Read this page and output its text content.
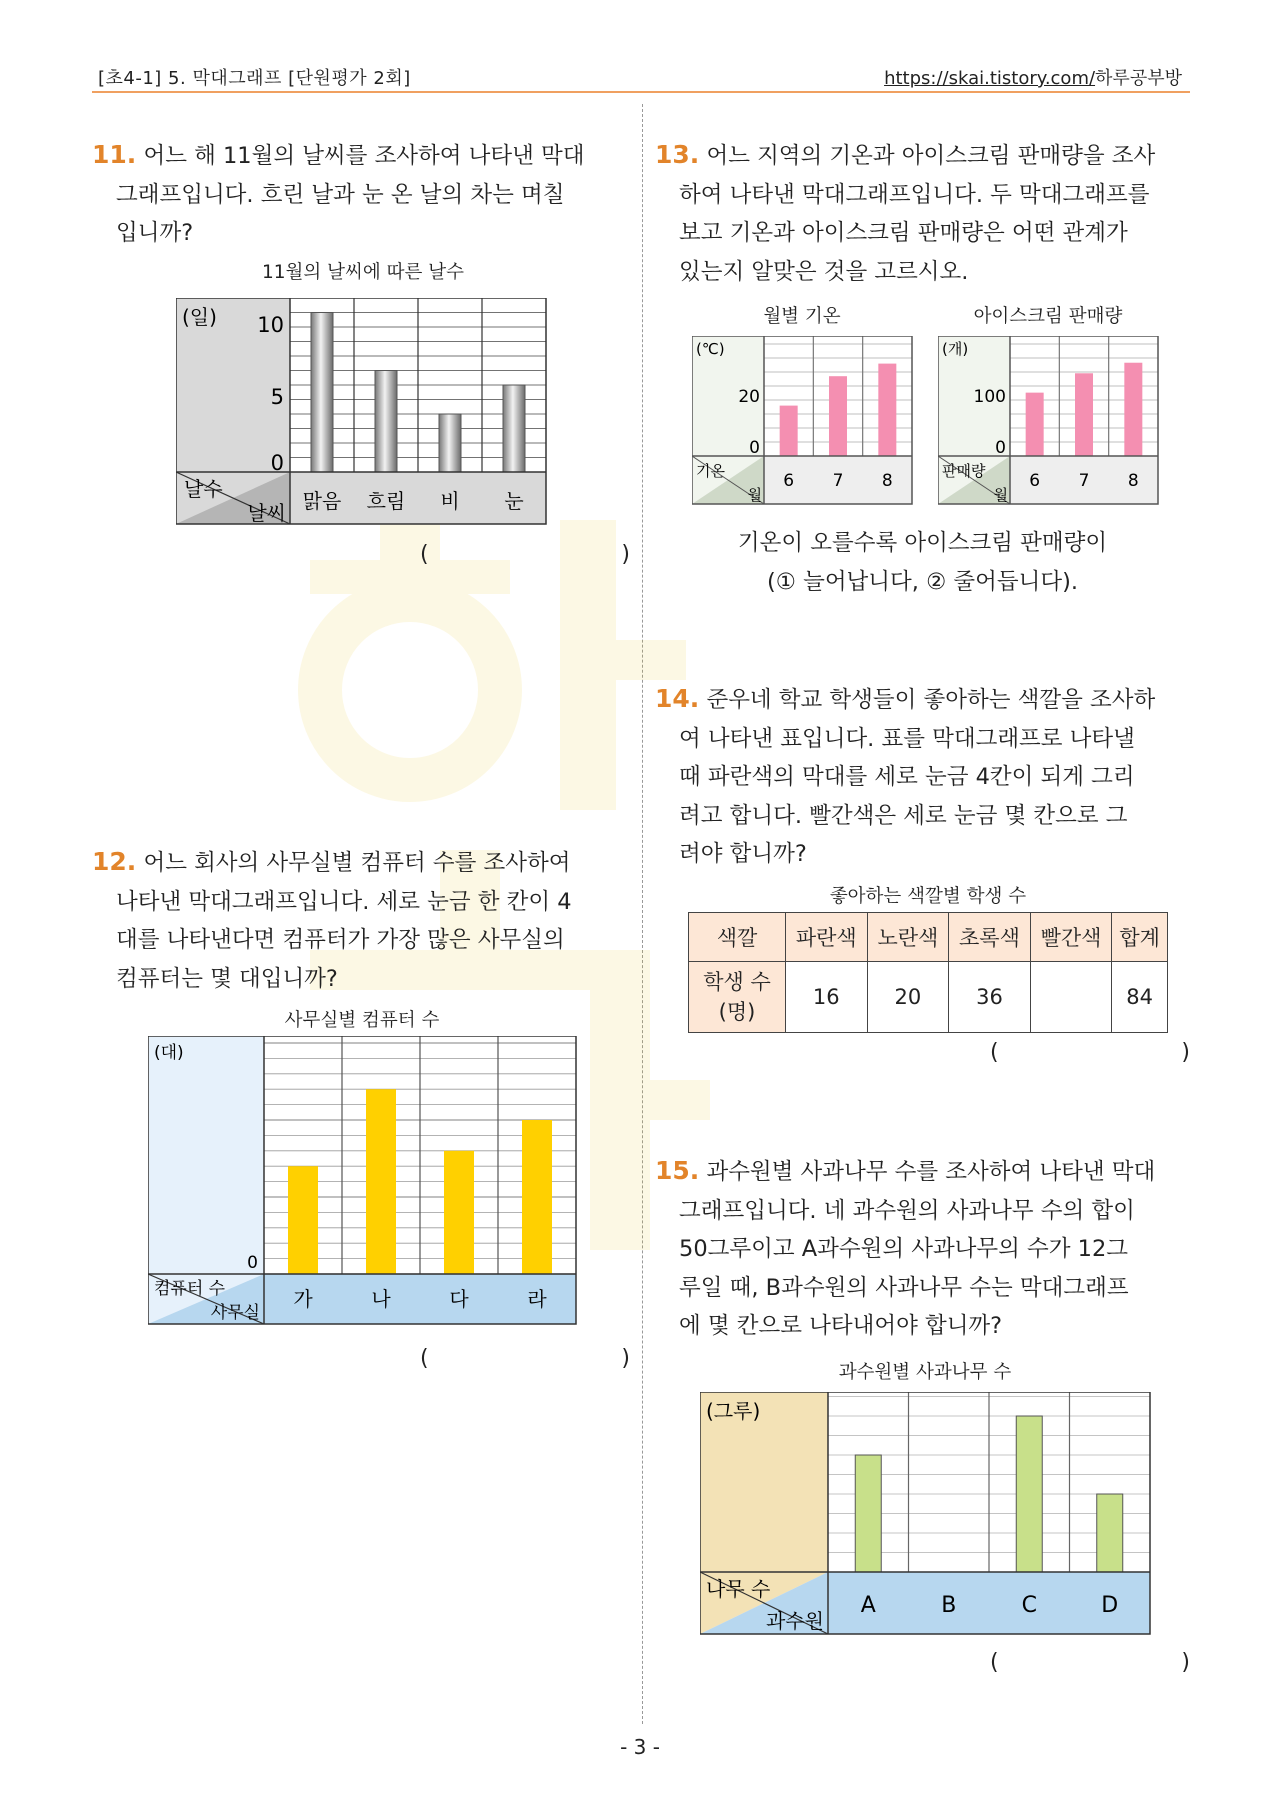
[초4-1] 5. 막대그래프 [단원평가 2회]	https://skai.tistory.com/하루공부방
11. 어느 해 11월의 날씨를 조사하여 나타낸 막대
그래프입니다. 흐린 날과 눈 온 날의 차는 며칠
입니까?
11월의 날씨에 따른 날수
(일) 10
5
0
날수
날씨 맑음 흐림 비 눈
(	)
12. 어느 회사의 사무실별 컴퓨터 수를 조사하여
나타낸 막대그래프입니다. 세로 눈금 한 칸이 4
대를 나타낸다면 컴퓨터가 가장 많은 사무실의
컴퓨터는 몇 대입니까?
사무실별 컴퓨터 수
(대)
0
컴퓨터 수
사무실
가	나	다	라
(	)
13. 어느 지역의 기온과 아이스크림 판매량을 조사
하여 나타낸 막대그래프입니다. 두 막대그래프를
보고 기온과 아이스크림 판매량은 어떤 관계가
있는지 알맞은 것을 고르시오.
월별 기온	아이스크림 판매량
(℃)
20
0
기온
월
6 7 8
(개)
100
0
판매량
월
6 7 8
기온이 오를수록 아이스크림 판매량이
(① 늘어납니다, ② 줄어듭니다).
14. 준우네 학교 학생들이 좋아하는 색깔을 조사하
여 나타낸 표입니다. 표를 막대그래프로 나타낼
때 파란색의 막대를 세로 눈금 4칸이 되게 그리
려고 합니다. 빨간색은 세로 눈금 몇 칸으로 그
려야 합니까?
좋아하는 색깔별 학생 수
색깔	파란색	노란색	초록색	빨간색	합계
학생 수
(명)	16	20	36		84
(	)
15. 과수원별 사과나무 수를 조사하여 나타낸 막대
그래프입니다. 네 과수원의 사과나무 수의 합이
50그루이고 A과수원의 사과나무의 수가 12그
루일 때, B과수원의 사과나무 수는 막대그래프
에 몇 칸으로 나타내어야 합니까?
과수원별 사과나무 수
(그루)
나무 수
과수원
A	B	C	D
(	)
- 3 -
